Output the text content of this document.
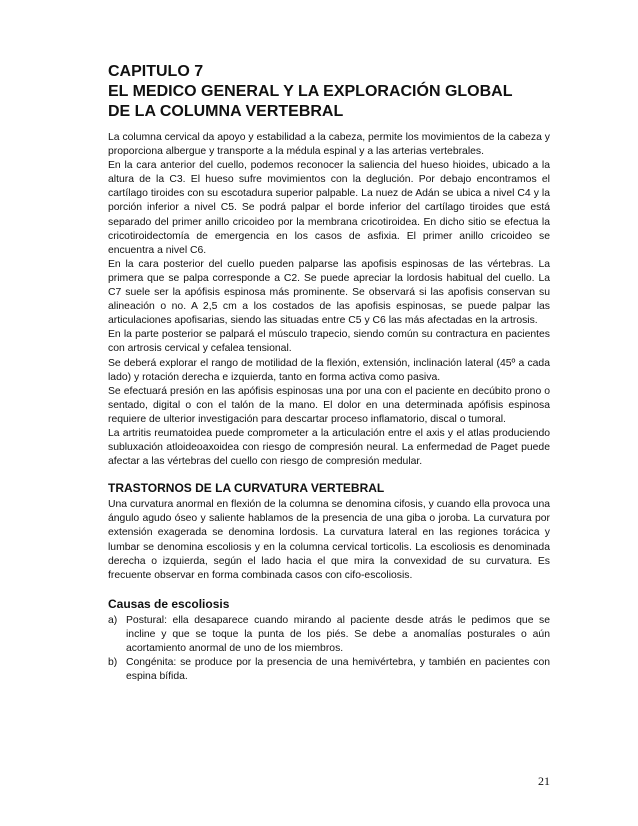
CAPITULO 7
EL MEDICO GENERAL Y LA EXPLORACIÓN GLOBAL
DE LA COLUMNA VERTEBRAL

La columna cervical da apoyo y estabilidad a la cabeza, permite los movimientos de la cabeza y proporciona albergue y transporte a la médula espinal y a las arterias vertebrales.

En la cara anterior del cuello, podemos reconocer la saliencia del hueso hioides, ubicado a la altura de la C3. El hueso sufre movimientos con la deglución. Por debajo encontramos el cartílago tiroides con su escotadura superior palpable. La nuez de Adán se ubica a nivel C4 y la porción inferior a nivel C5. Se podrá palpar el borde inferior del cartílago tiroides que está separado del primer anillo cricoideo por la membrana cricotiroidea. En dicho sitio se efectua la cricotiroidectomía de emergencia en los casos de asfixia. El primer anillo cricoideo se encuentra a nivel C6.

En la cara posterior del cuello pueden palparse las apofisis espinosas de las vértebras. La primera que se palpa corresponde a C2. Se puede apreciar la lordosis habitual del cuello. La C7 suele ser la apófisis espinosa más prominente. Se observará si las apofisis conservan su alineación o no. A 2,5 cm a los costados de las apofisis espinosas, se puede palpar las articulaciones apofisarias, siendo las situadas entre C5 y C6 las más afectadas en la artrosis.

En la parte posterior se palpará el músculo trapecio, siendo común su contractura en pacientes con artrosis cervical y cefalea tensional.

Se deberá explorar el rango de motilidad de la flexión, extensión, inclinación lateral (45º a cada lado) y rotación derecha e izquierda, tanto en forma activa como pasiva.

Se efectuará presión en las apófisis espinosas una por una con el paciente en decúbito prono o sentado, digital o con el talón de la mano. El dolor en una determinada apófisis espinosa requiere de ulterior investigación para descartar proceso inflamatorio, discal o tumoral.

La artritis reumatoidea puede comprometer a la articulación entre el axis y el atlas produciendo subluxación atloideoaxoidea con riesgo de compresión neural. La enfermedad de Paget puede afectar a las vértebras del cuello con riesgo de compresión medular.

TRASTORNOS DE LA CURVATURA VERTEBRAL

Una curvatura anormal en flexión de la columna se denomina cifosis, y cuando ella provoca una ángulo agudo óseo y saliente hablamos de la presencia de una giba o joroba. La curvatura por extensión exagerada se denomina lordosis. La curvatura lateral en las regiones torácica y lumbar se denomina escoliosis y en la columna cervical torticolis. La escoliosis es denominada derecha o izquierda, según el lado hacia el que mira la convexidad de su curvatura. Es frecuente observar en forma combinada casos con cifo-escoliosis.

Causas de escoliosis
a) Postural: ella desaparece cuando mirando al paciente desde atrás le pedimos que se incline y que se toque la punta de los piés. Se debe a anomalías posturales o aún acortamiento anormal de uno de los miembros.
b) Congénita: se produce por la presencia de una hemivértebra, y también en pacientes con espina bífida.
21
